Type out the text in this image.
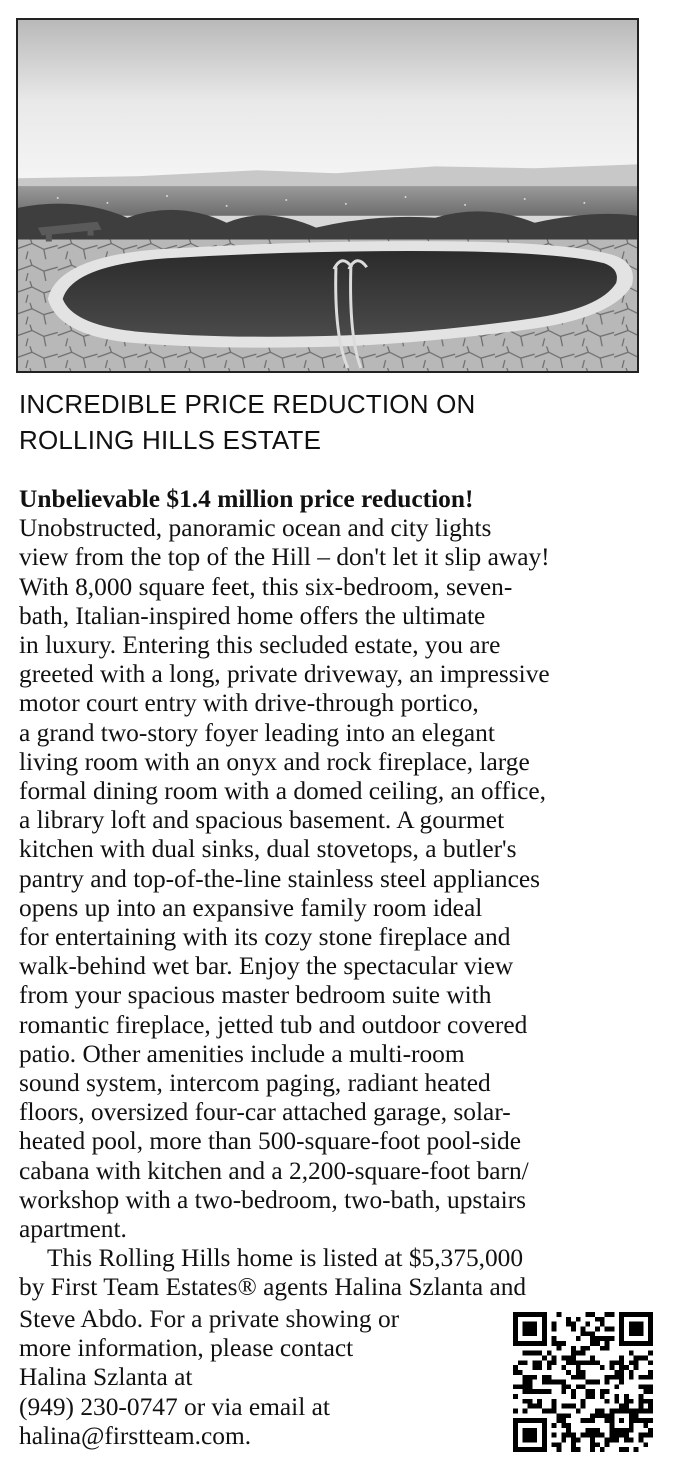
INCREDIBLE PRICE REDUCTION ON
ROLLING HILLS ESTATE
Unbelievable $1.4 million price reduction!
Unobstructed, panoramic ocean and city lights
view from the top of the Hill – don't let it slip away!
With 8,000 square feet, this six-bedroom, seven-
bath, Italian-inspired home offers the ultimate
in luxury. Entering this secluded estate, you are
greeted with a long, private driveway, an impressive
motor court entry with drive-through portico,
a grand two-story foyer leading into an elegant
living room with an onyx and rock fireplace, large
formal dining room with a domed ceiling, an office,
a library loft and spacious basement. A gourmet
kitchen with dual sinks, dual stovetops, a butler's
pantry and top-of-the-line stainless steel appliances
opens up into an expansive family room ideal
for entertaining with its cozy stone fireplace and
walk-behind wet bar. Enjoy the spectacular view
from your spacious master bedroom suite with
romantic fireplace, jetted tub and outdoor covered
patio. Other amenities include a multi-room
sound system, intercom paging, radiant heated
floors, oversized four-car attached garage, solar-
heated pool, more than 500-square-foot pool-side
cabana with kitchen and a 2,200-square-foot barn/
workshop with a two-bedroom, two-bath, upstairs
apartment.
This Rolling Hills home is listed at $5,375,000
by First Team Estates® agents Halina Szlanta and
Steve Abdo. For a private showing or
more information, please contact
Halina Szlanta at
(949) 230-0747 or via email at
halina@firstteam.com.
